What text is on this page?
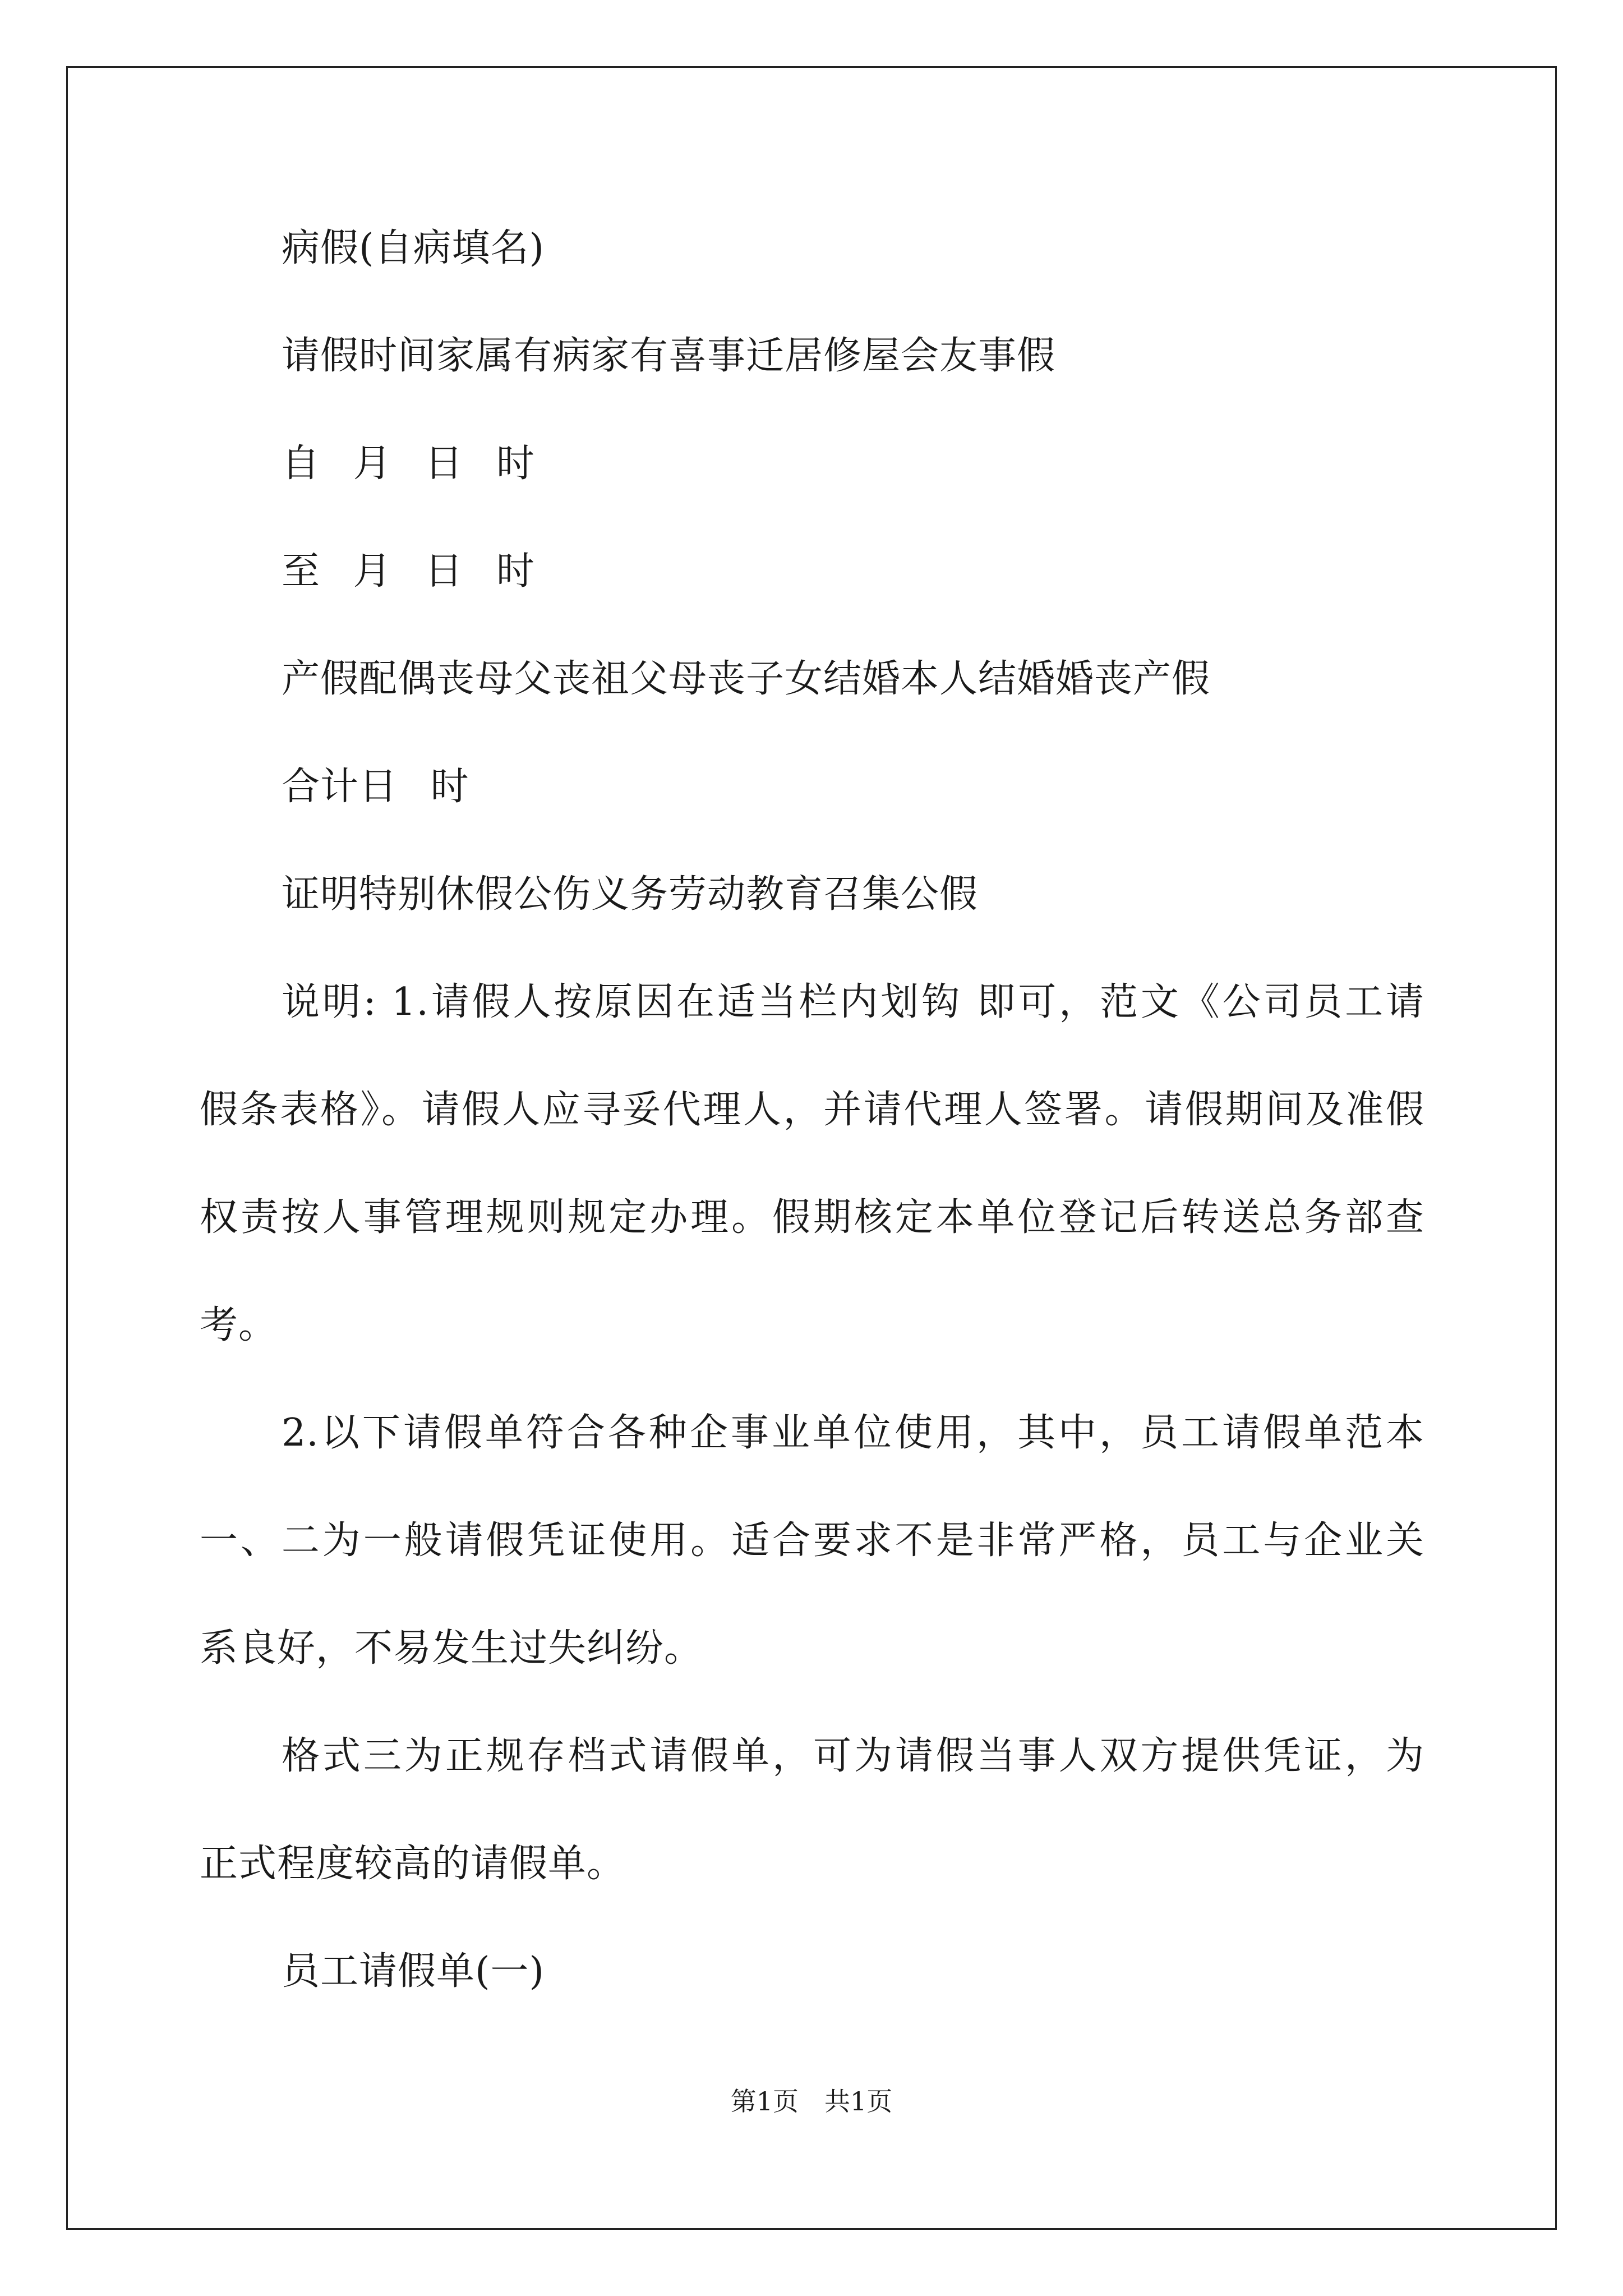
病假(自病填名)
请假时间家属有病家有喜事迁居修屋会友事假
自 月 日 时
至 月 日 时
产假配偶丧母父丧祖父母丧子女结婚本人结婚婚丧产假
合计日 时
证明特别休假公伤义务劳动教育召集公假
说明: 1.请假人按原因在适当栏内划钩 即可，范文《公司员工请
假条表格》。请假人应寻妥代理人，并请代理人签署。请假期间及准假
权责按人事管理规则规定办理。假期核定本单位登记后转送总务部查
考。
2.以下请假单符合各种企事业单位使用，其中，员工请假单范本
一、二为一般请假凭证使用。适合要求不是非常严格，员工与企业关
系良好，不易发生过失纠纷。
格式三为正规存档式请假单，可为请假当事人双方提供凭证，为
正式程度较高的请假单。
员工请假单(一)
第1页　共1页
